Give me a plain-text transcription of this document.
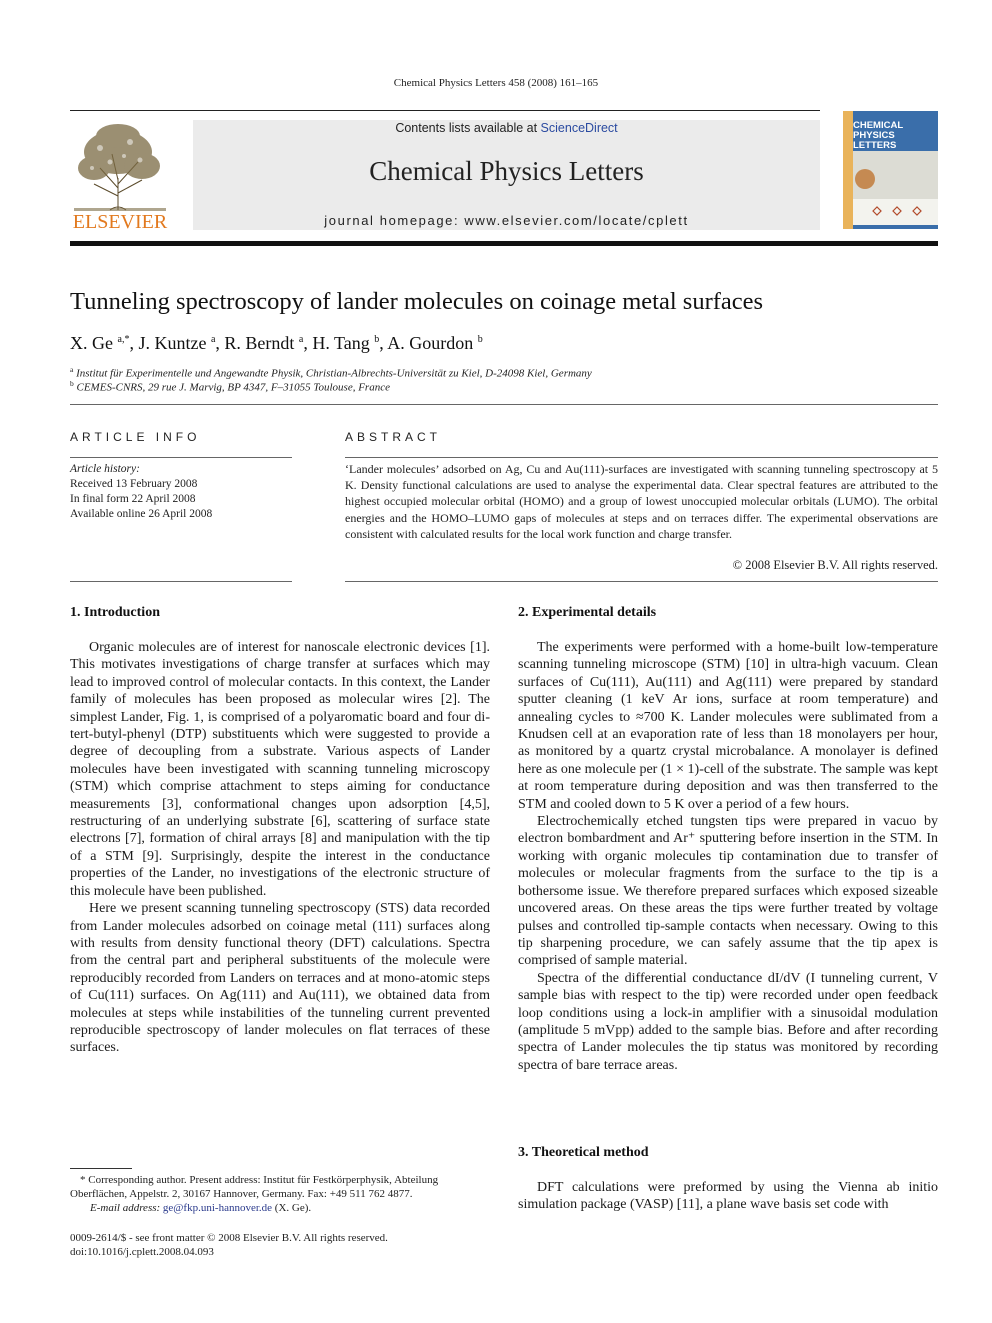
Chemical Physics Letters 458 (2008) 161–165
ELSEVIER
Contents lists available at ScienceDirect
Chemical Physics Letters
journal homepage: www.elsevier.com/locate/cplett
CHEMICAL
PHYSICS
LETTERS
Tunneling spectroscopy of lander molecules on coinage metal surfaces
X. Ge $^{a,*}$, J. Kuntze $^a$, R. Berndt $^a$, H. Tang $^b$, A. Gourdon $^b$
$^a$ Institut für Experimentelle und Angewandte Physik, Christian-Albrechts-Universität zu Kiel, D-24098 Kiel, Germany
$^b$ CEMES-CNRS, 29 rue J. Marvig, BP 4347, F–31055 Toulouse, France
ARTICLE INFO
Article history:
Received 13 February 2008
In final form 22 April 2008
Available online 26 April 2008
ABSTRACT
‘Lander molecules’ adsorbed on Ag, Cu and Au(111)-surfaces are investigated with scanning tunneling spectroscopy at 5 K. Density functional calculations are used to analyse the experimental data. Clear spectral features are attributed to the highest occupied molecular orbital (HOMO) and a group of lowest unoccupied molecular orbitals (LUMO). The orbital energies and the HOMO–LUMO gaps of molecules at steps and on terraces differ. The experimental observations are consistent with calculated results for the local work function and charge transfer.
© 2008 Elsevier B.V. All rights reserved.
1. Introduction

Organic molecules are of interest for nanoscale electronic devices [1]. This motivates investigations of charge transfer at surfaces which may lead to improved control of molecular contacts. In this context, the Lander family of molecules has been proposed as molecular wires [2]. The simplest Lander, Fig. 1, is comprised of a polyaromatic board and four di-tert-butyl-phenyl (DTP) substituents which were suggested to provide a degree of decoupling from a substrate. Various aspects of Lander molecules have been investigated with scanning tunneling microscopy (STM) which comprise attachment to steps aiming for conductance measurements [3], conformational changes upon adsorption [4,5], restructuring of an underlying substrate [6], scattering of surface state electrons [7], formation of chiral arrays [8] and manipulation with the tip of a STM [9]. Surprisingly, despite the interest in the conductance properties of the Lander, no investigations of the electronic structure of this molecule have been published.

Here we present scanning tunneling spectroscopy (STS) data recorded from Lander molecules adsorbed on coinage metal (111) surfaces along with results from density functional theory (DFT) calculations. Spectra from the central part and peripheral substituents of the molecule were reproducibly recorded from Landers on terraces and at mono-atomic steps of Cu(111) surfaces. On Ag(111) and Au(111), we obtained data from molecules at steps while instabilities of the tunneling current prevented reproducible spectroscopy of lander molecules on flat terraces of these surfaces.

* Corresponding author. Present address: Institut für Festkörperphysik, Abteilung Oberflächen, Appelstr. 2, 30167 Hannover, Germany. Fax: +49 511 762 4877.
E-mail address: ge@fkp.uni-hannover.de (X. Ge).
0009-2614/$ - see front matter © 2008 Elsevier B.V. All rights reserved.
doi:10.1016/j.cplett.2008.04.093
2. Experimental details

The experiments were performed with a home-built low-temperature scanning tunneling microscope (STM) [10] in ultra-high vacuum. Clean surfaces of Cu(111), Au(111) and Ag(111) were prepared by standard sputter cleaning (1 keV Ar ions, surface at room temperature) and annealing cycles to ≈700 K. Lander molecules were sublimated from a Knudsen cell at an evaporation rate of less than 18 monolayers per hour, as monitored by a quartz crystal microbalance. A monolayer is defined here as one molecule per (1 × 1)-cell of the substrate. The sample was kept at room temperature during deposition and was then transferred to the STM and cooled down to 5 K over a period of a few hours.

Electrochemically etched tungsten tips were prepared in vacuo by electron bombardment and Ar⁺ sputtering before insertion in the STM. In working with organic molecules tip contamination due to transfer of molecules or molecular fragments from the surface to the tip is a bothersome issue. We therefore prepared surfaces which exposed sizeable uncovered areas. On these areas the tips were further treated by voltage pulses and controlled tip-sample contacts when necessary. Owing to this tip sharpening procedure, we can safely assume that the tip apex is comprised of sample material.

Spectra of the differential conductance dI/dV (I tunneling current, V sample bias with respect to the tip) were recorded under open feedback loop conditions using a lock-in amplifier with a sinusoidal modulation (amplitude 5 mVpp) added to the sample bias. Before and after recording spectra of Lander molecules the tip status was monitored by recording spectra of bare terrace areas.

3. Theoretical method

DFT calculations were preformed by using the Vienna ab initio simulation package (VASP) [11], a plane wave basis set code with
